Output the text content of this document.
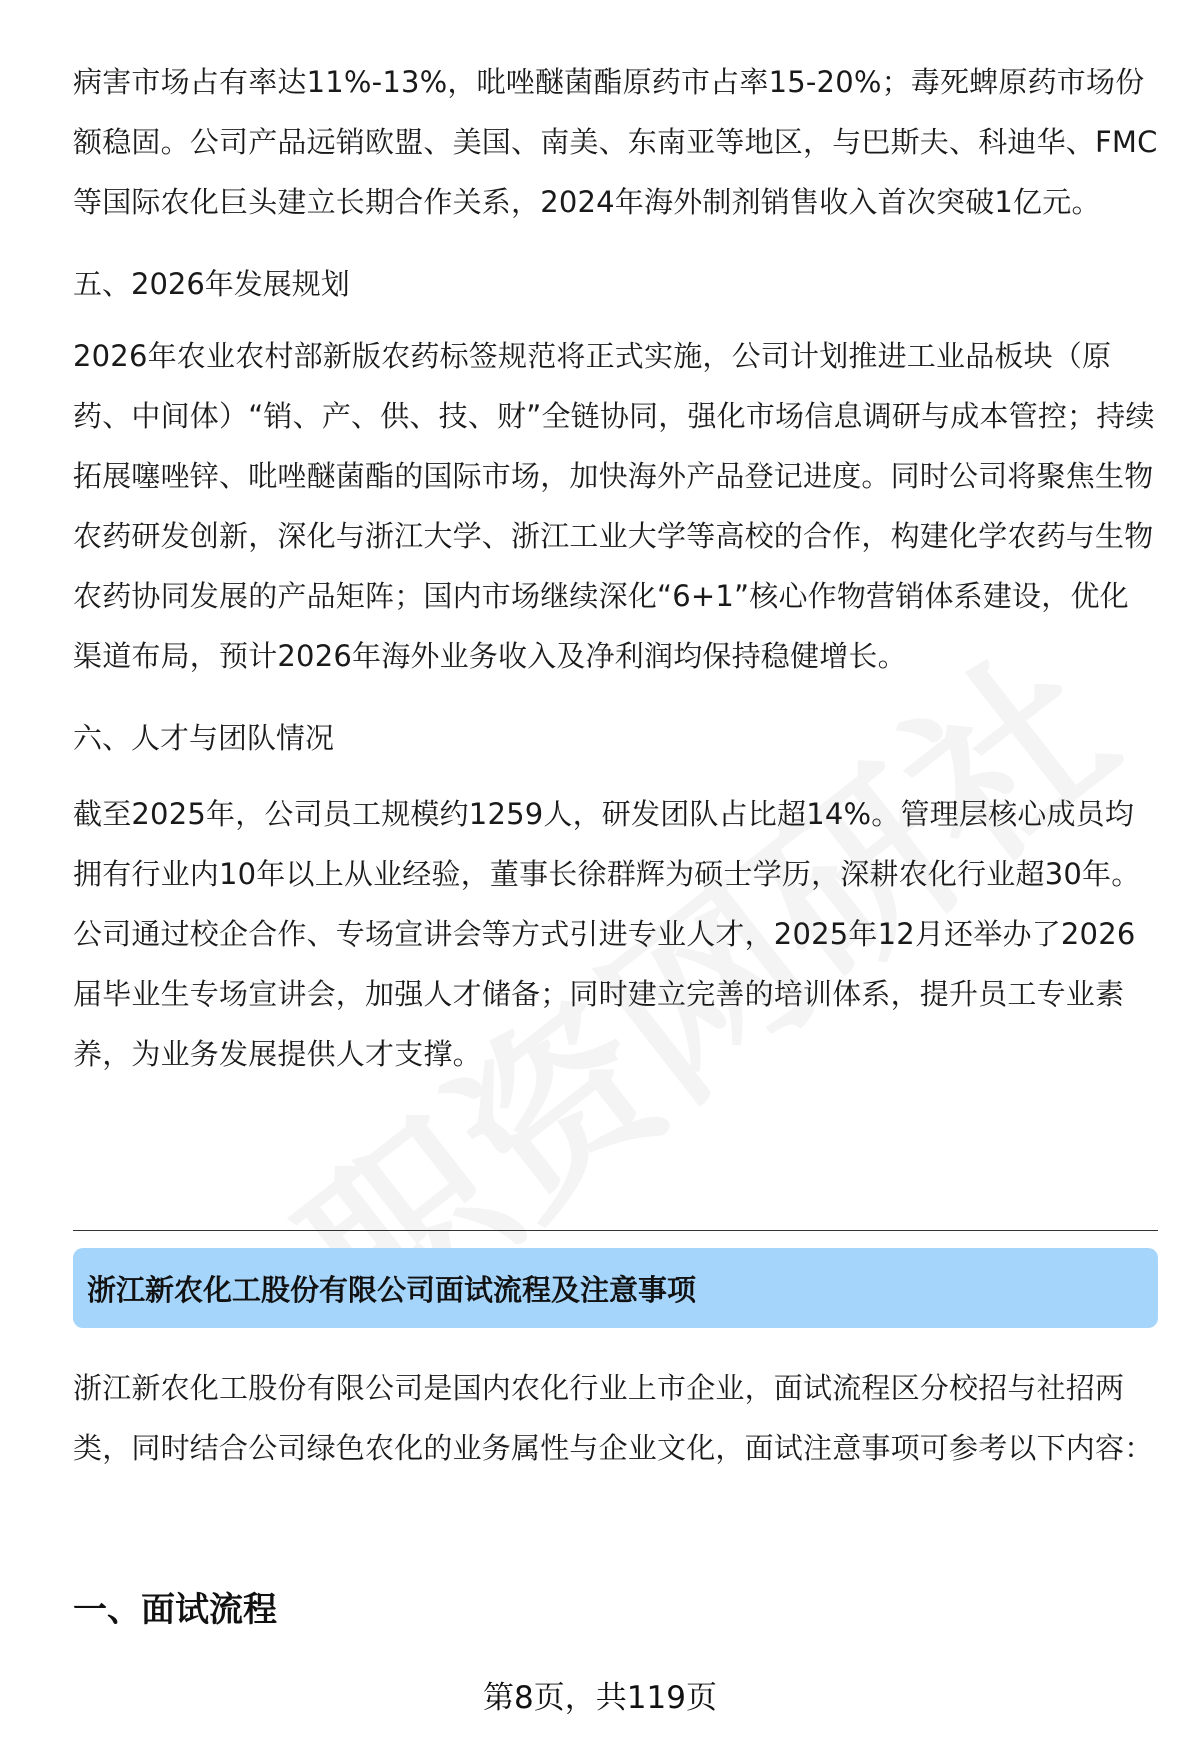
病害市场占有率达11%-13%，吡唑醚菌酯原药市占率15-20%；毒死蜱原药市场份额稳固。公司产品远销欧盟、美国、南美、东南亚等地区，与巴斯夫、科迪华、FMC等国际农化巨头建立长期合作关系，2024年海外制剂销售收入首次突破1亿元。

五、2026年发展规划

2026年农业农村部新版农药标签规范将正式实施，公司计划推进工业品板块（原药、中间体）“销、产、供、技、财”全链协同，强化市场信息调研与成本管控；持续拓展噻唑锌、吡唑醚菌酯的国际市场，加快海外产品登记进度。同时公司将聚焦生物农药研发创新，深化与浙江大学、浙江工业大学等高校的合作，构建化学农药与生物农药协同发展的产品矩阵；国内市场继续深化“6+1”核心作物营销体系建设，优化渠道布局，预计2026年海外业务收入及净利润均保持稳健增长。

六、人才与团队情况

截至2025年，公司员工规模约1259人，研发团队占比超14%。管理层核心成员均拥有行业内10年以上从业经验，董事长徐群辉为硕士学历，深耕农化行业超30年。公司通过校企合作、专场宣讲会等方式引进专业人才，2025年12月还举办了2026届毕业生专场宣讲会，加强人才储备；同时建立完善的培训体系，提升员工专业素养，为业务发展提供人才支撑。

浙江新农化工股份有限公司面试流程及注意事项

浙江新农化工股份有限公司是国内农化行业上市企业，面试流程区分校招与社招两类，同时结合公司绿色农化的业务属性与企业文化，面试注意事项可参考以下内容：

一、面试流程

第8页，共119页
